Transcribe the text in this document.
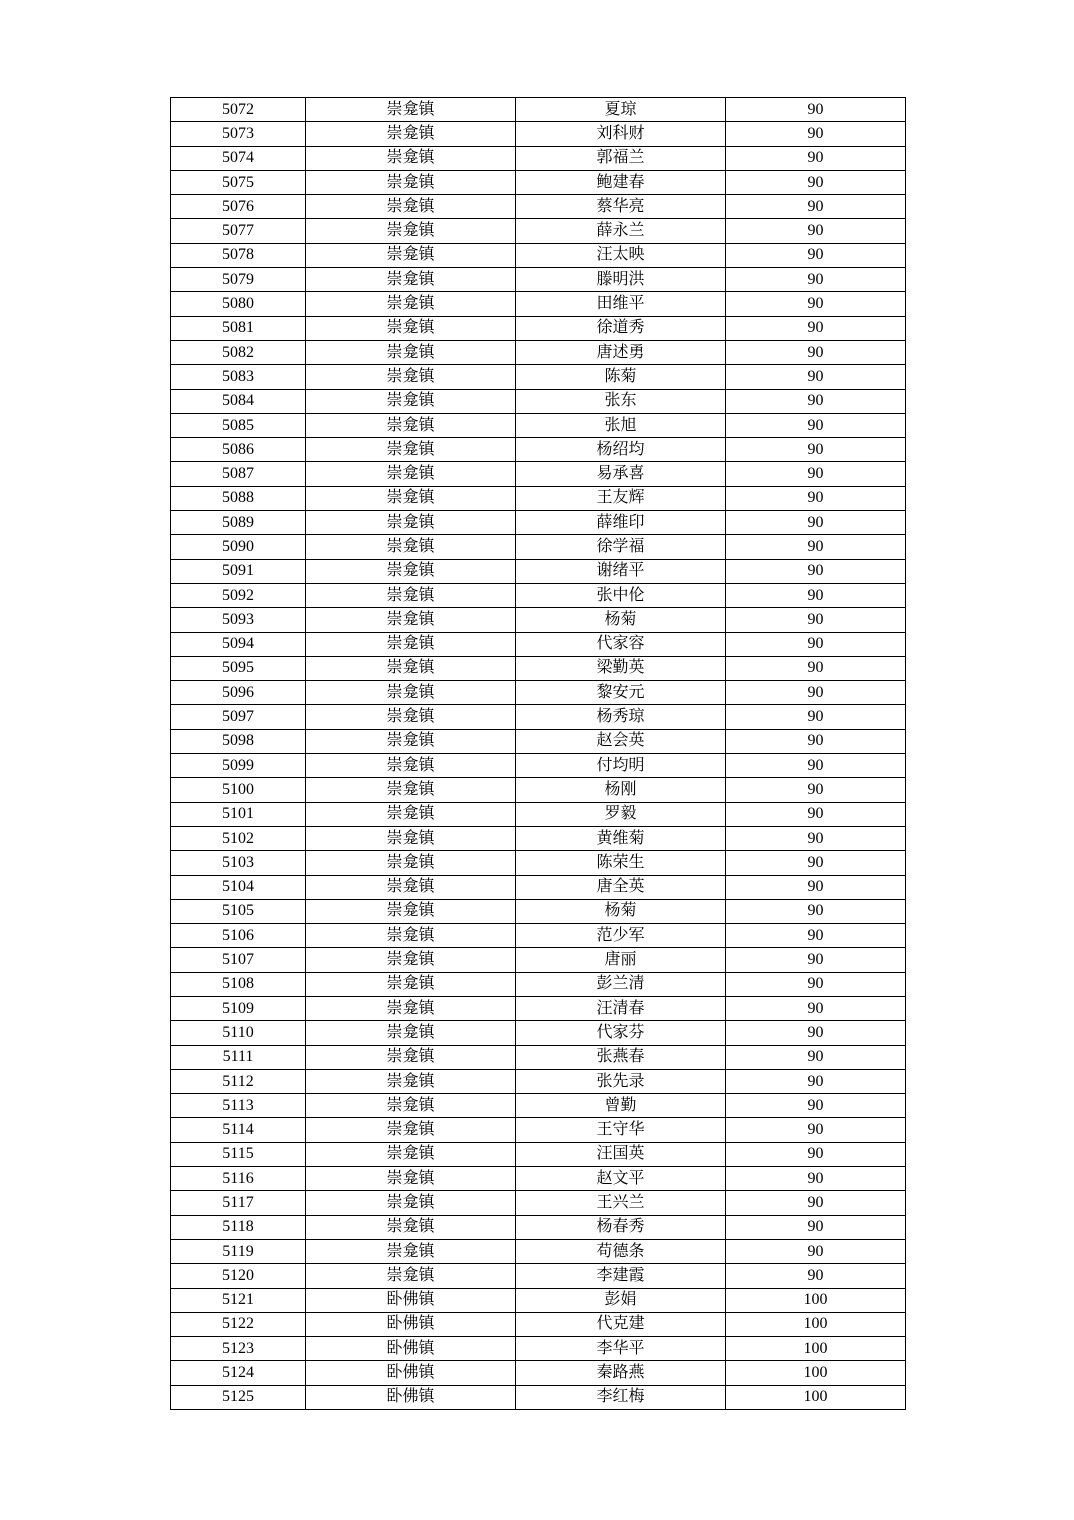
5072	崇龛镇	夏琼	90
5073	崇龛镇	刘科财	90
5074	崇龛镇	郭福兰	90
5075	崇龛镇	鲍建春	90
5076	崇龛镇	蔡华亮	90
5077	崇龛镇	薛永兰	90
5078	崇龛镇	汪太映	90
5079	崇龛镇	滕明洪	90
5080	崇龛镇	田维平	90
5081	崇龛镇	徐道秀	90
5082	崇龛镇	唐述勇	90
5083	崇龛镇	陈菊	90
5084	崇龛镇	张东	90
5085	崇龛镇	张旭	90
5086	崇龛镇	杨绍均	90
5087	崇龛镇	易承喜	90
5088	崇龛镇	王友辉	90
5089	崇龛镇	薛维印	90
5090	崇龛镇	徐学福	90
5091	崇龛镇	谢绪平	90
5092	崇龛镇	张中伦	90
5093	崇龛镇	杨菊	90
5094	崇龛镇	代家容	90
5095	崇龛镇	梁勤英	90
5096	崇龛镇	黎安元	90
5097	崇龛镇	杨秀琼	90
5098	崇龛镇	赵会英	90
5099	崇龛镇	付均明	90
5100	崇龛镇	杨刚	90
5101	崇龛镇	罗毅	90
5102	崇龛镇	黄维菊	90
5103	崇龛镇	陈荣生	90
5104	崇龛镇	唐全英	90
5105	崇龛镇	杨菊	90
5106	崇龛镇	范少军	90
5107	崇龛镇	唐丽	90
5108	崇龛镇	彭兰清	90
5109	崇龛镇	汪清春	90
5110	崇龛镇	代家芬	90
5111	崇龛镇	张燕春	90
5112	崇龛镇	张先录	90
5113	崇龛镇	曾勤	90
5114	崇龛镇	王守华	90
5115	崇龛镇	汪国英	90
5116	崇龛镇	赵文平	90
5117	崇龛镇	王兴兰	90
5118	崇龛镇	杨春秀	90
5119	崇龛镇	苟德条	90
5120	崇龛镇	李建霞	90
5121	卧佛镇	彭娟	100
5122	卧佛镇	代克建	100
5123	卧佛镇	李华平	100
5124	卧佛镇	秦路燕	100
5125	卧佛镇	李红梅	100
